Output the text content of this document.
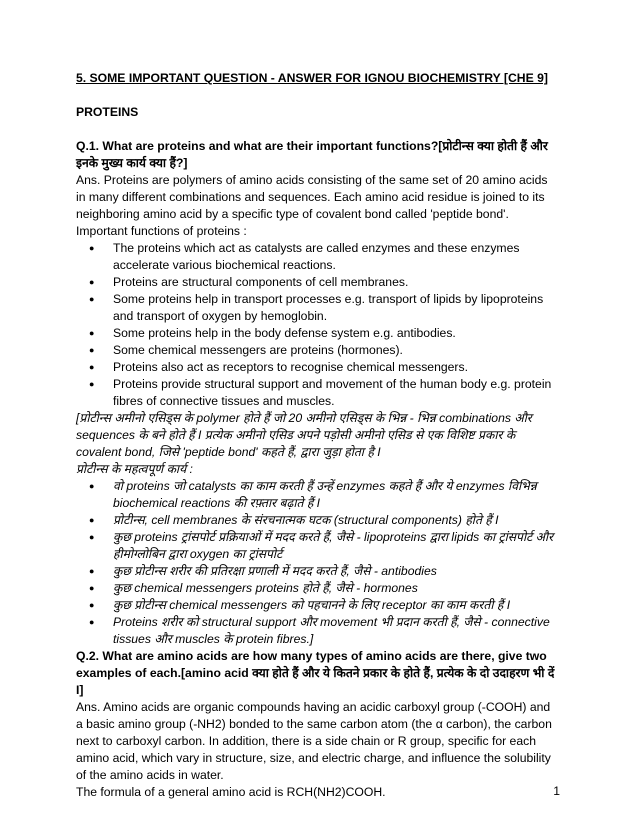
5. SOME IMPORTANT QUESTION - ANSWER FOR IGNOU BIOCHEMISTRY [CHE 9]

PROTEINS

Q.1. What are proteins and what are their important functions?[प्रोटीन्स क्या होती हैं और इनके मुख्य कार्य क्या हैं?]

Ans. Proteins are polymers of amino acids consisting of the same set of 20 amino acids in many different combinations and sequences. Each amino acid residue is joined to its neighboring amino acid by a specific type of covalent bond called 'peptide bond'.

Important functions of proteins :

● The proteins which act as catalysts are called enzymes and these enzymes accelerate various biochemical reactions.
● Proteins are structural components of cell membranes.
● Some proteins help in transport processes e.g. transport of lipids by lipoproteins and transport of oxygen by hemoglobin.
● Some proteins help in the body defense system e.g. antibodies.
● Some chemical messengers are proteins (hormones).
● Proteins also act as receptors to recognise chemical messengers.
● Proteins provide structural support and movement of the human body e.g. protein fibres of connective tissues and muscles.

[प्रोटीन्स अमीनो एसिड्स के polymer होते हैं जो 20 अमीनो एसिड्स के भिन्न - भिन्न combinations और sequences के बने होते हैं I प्रत्येक अमीनो एसिड अपने पड़ोसी अमीनो एसिड से एक विशिष्ट प्रकार के covalent bond, जिसे 'peptide bond' कहते हैं, द्वारा जुड़ा होता है I

प्रोटीन्स के महत्वपूर्ण कार्य :

● वो proteins जो catalysts का काम करती हैं उन्हें enzymes कहते हैं और ये enzymes विभिन्न biochemical reactions की रफ़्तार बढ़ाते हैं I
● प्रोटीन्स, cell membranes के संरचनात्मक घटक (structural components) होते हैं I
● कुछ proteins ट्रांसपोर्ट प्रक्रियाओं में मदद करते हैं, जैसे - lipoproteins द्वारा lipids का ट्रांसपोर्ट और हीमोग्लोबिन द्वारा oxygen का ट्रांसपोर्ट
● कुछ प्रोटीन्स शरीर की प्रतिरक्षा प्रणाली में मदद करते हैं, जैसे - antibodies
● कुछ chemical messengers proteins होते हैं, जैसे - hormones
● कुछ प्रोटीन्स chemical messengers को पहचानने के लिए receptor का काम करती हैं I
● Proteins शरीर को structural support और movement भी प्रदान करती हैं, जैसे - connective tissues और muscles के protein fibres.]

Q.2. What are amino acids are how many types of amino acids are there, give two examples of each.[amino acid क्या होते हैं और ये कितने प्रकार के होते हैं, प्रत्येक के दो उदाहरण भी दें I]

Ans. Amino acids are organic compounds having an acidic carboxyl group (-COOH) and a basic amino group (-NH2) bonded to the same carbon atom (the α carbon), the carbon next to carboxyl carbon. In addition, there is a side chain or R group, specific for each amino acid, which vary in structure, size, and electric charge, and influence the solubility of the amino acids in water.

The formula of a general amino acid is RCH(NH2)COOH.	1
